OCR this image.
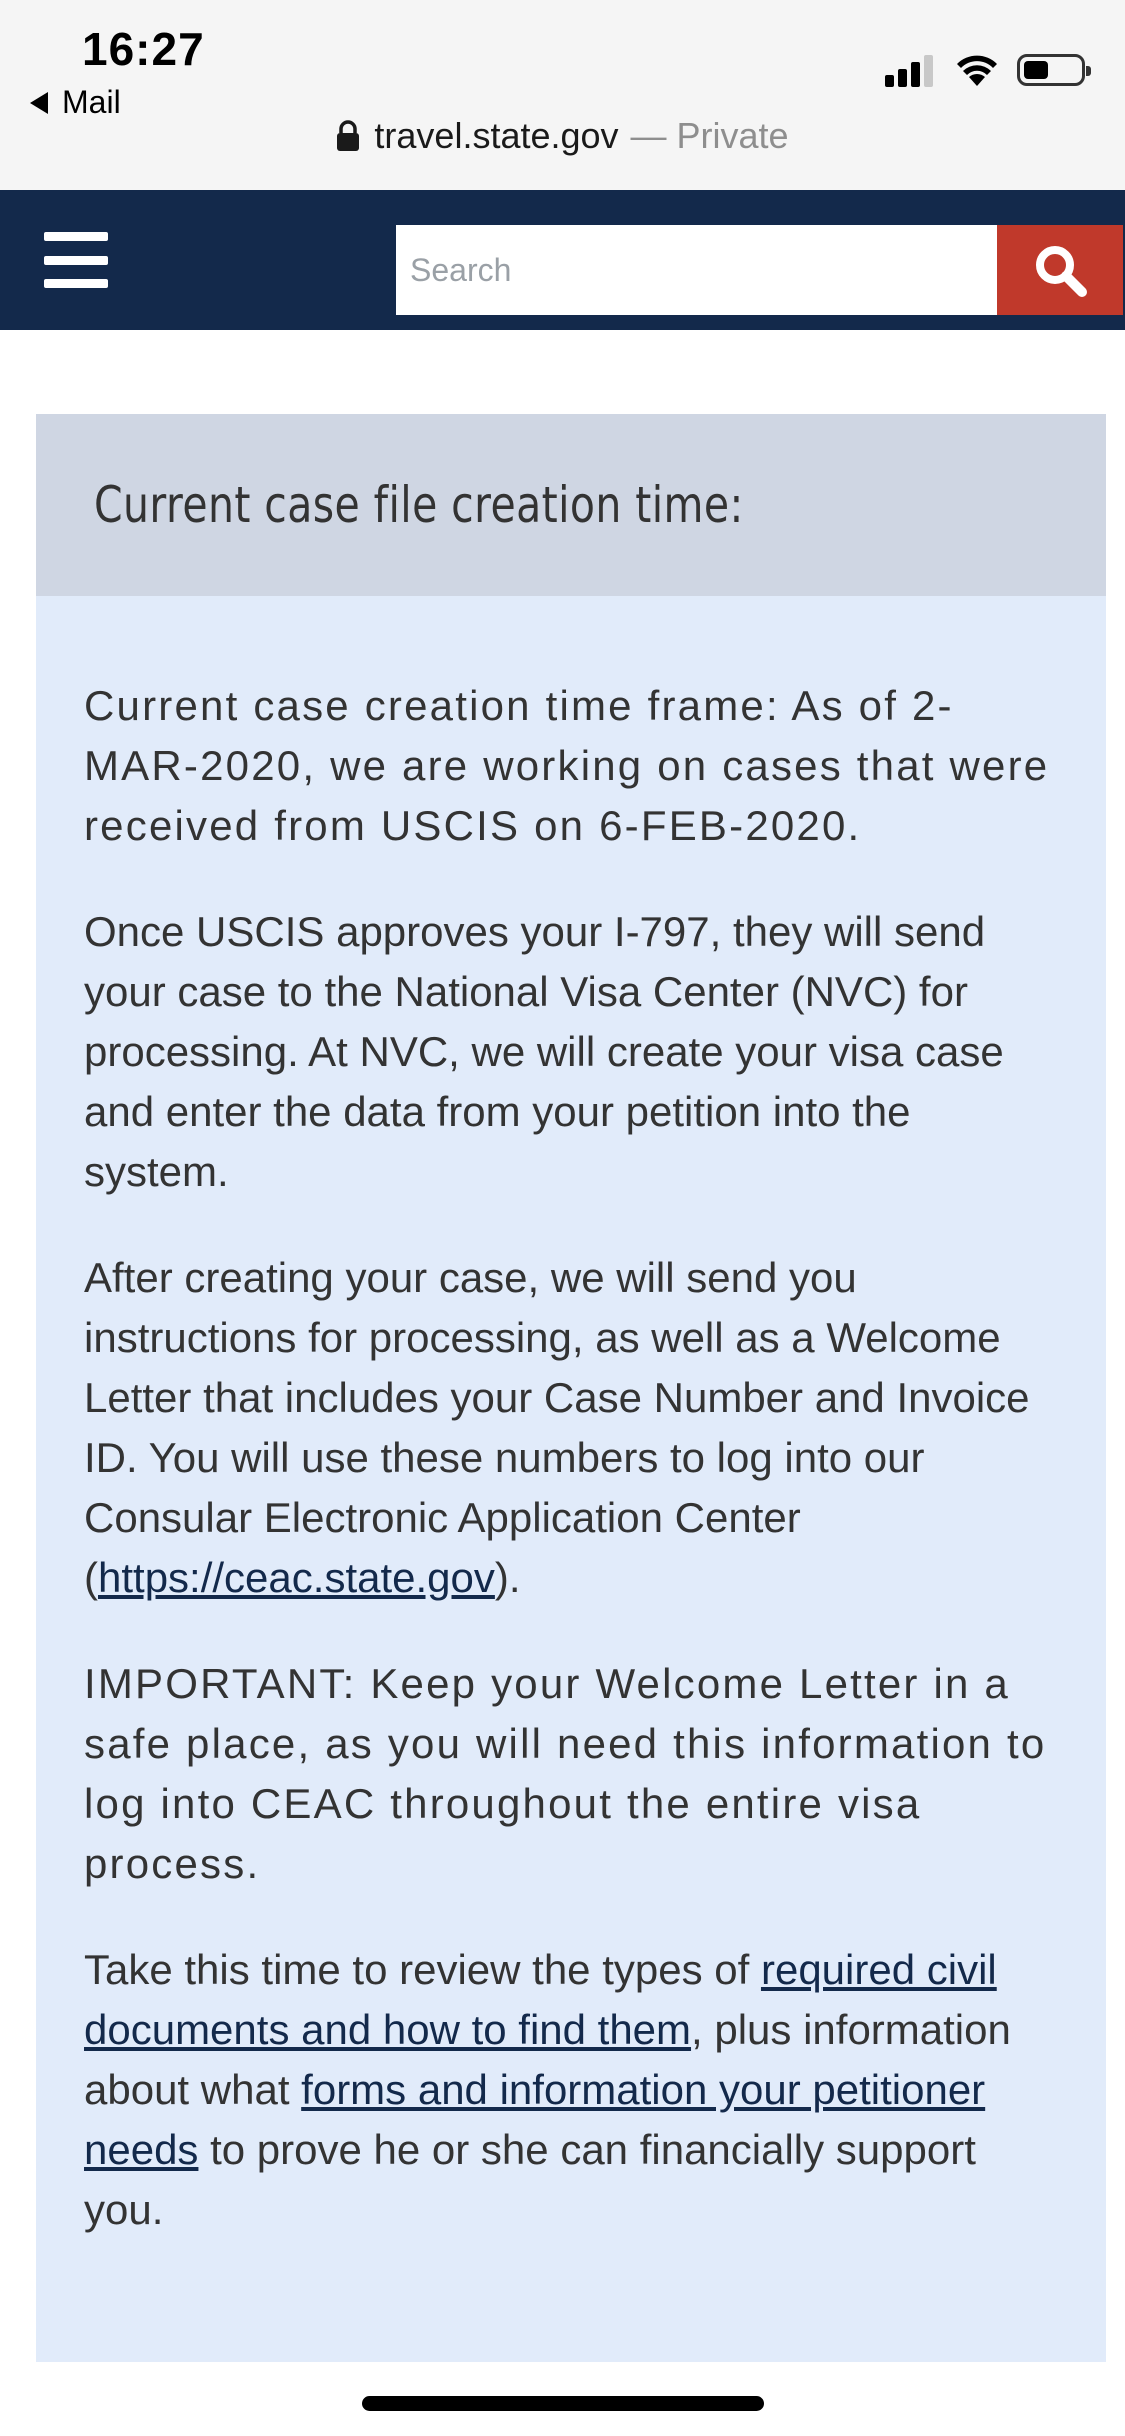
16:27
Mail
travel.state.gov — Private
Search
Current case file creation time:

Current case creation time frame: As of 2-MAR-2020, we are working on cases that were received from USCIS on 6-FEB-2020.

Once USCIS approves your I-797, they will send your case to the National Visa Center (NVC) for processing. At NVC, we will create your visa case and enter the data from your petition into the system.

After creating your case, we will send you instructions for processing, as well as a Welcome Letter that includes your Case Number and Invoice ID. You will use these numbers to log into our Consular Electronic Application Center (https://ceac.state.gov).

IMPORTANT: Keep your Welcome Letter in a safe place, as you will need this information to log into CEAC throughout the entire visa process.

Take this time to review the types of required civil documents and how to find them, plus information about what forms and information your petitioner needs to prove he or she can financially support you.
